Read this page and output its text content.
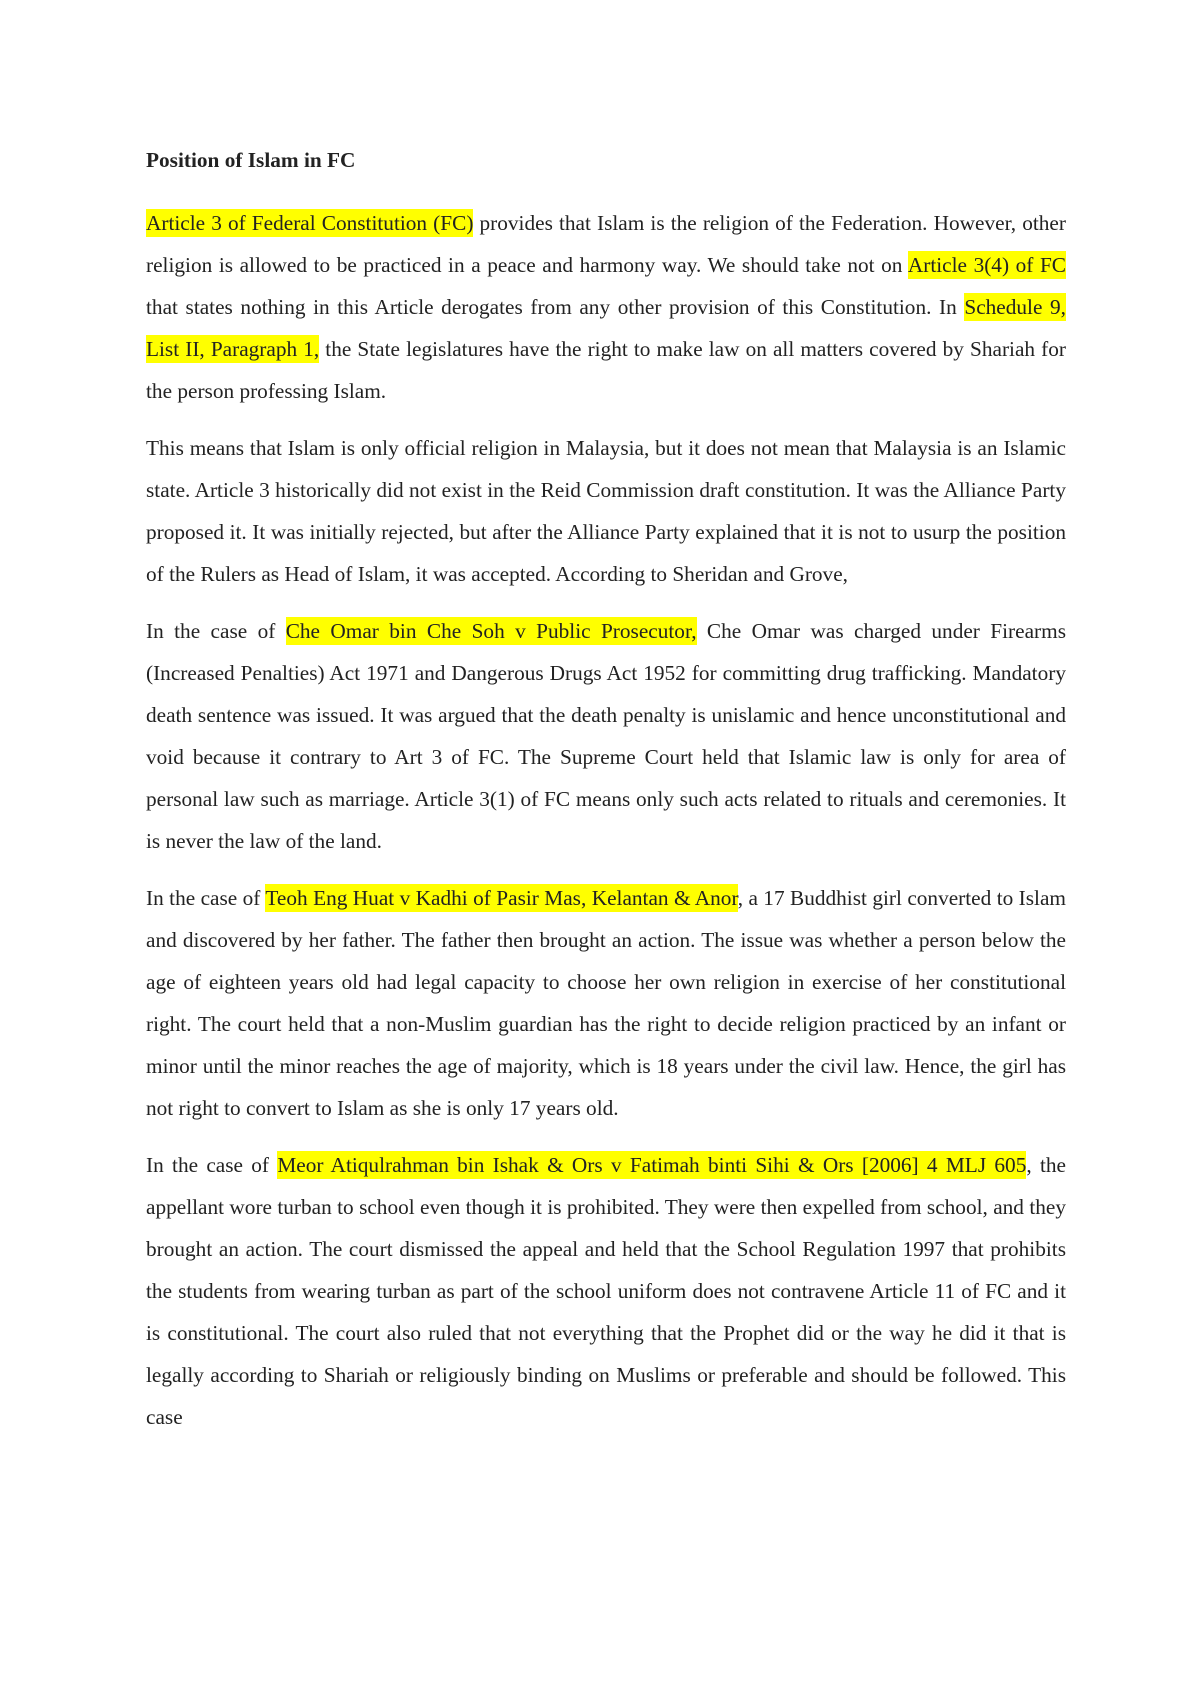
Position of Islam in FC

Article 3 of Federal Constitution (FC) provides that Islam is the religion of the Federation. However, other religion is allowed to be practiced in a peace and harmony way. We should take not on Article 3(4) of FC that states nothing in this Article derogates from any other provision of this Constitution. In Schedule 9, List II, Paragraph 1, the State legislatures have the right to make law on all matters covered by Shariah for the person professing Islam.

This means that Islam is only official religion in Malaysia, but it does not mean that Malaysia is an Islamic state. Article 3 historically did not exist in the Reid Commission draft constitution. It was the Alliance Party proposed it. It was initially rejected, but after the Alliance Party explained that it is not to usurp the position of the Rulers as Head of Islam, it was accepted. According to Sheridan and Grove,

In the case of Che Omar bin Che Soh v Public Prosecutor, Che Omar was charged under Firearms (Increased Penalties) Act 1971 and Dangerous Drugs Act 1952 for committing drug trafficking. Mandatory death sentence was issued. It was argued that the death penalty is unislamic and hence unconstitutional and void because it contrary to Art 3 of FC. The Supreme Court held that Islamic law is only for area of personal law such as marriage. Article 3(1) of FC means only such acts related to rituals and ceremonies. It is never the law of the land.

In the case of Teoh Eng Huat v Kadhi of Pasir Mas, Kelantan & Anor, a 17 Buddhist girl converted to Islam and discovered by her father. The father then brought an action. The issue was whether a person below the age of eighteen years old had legal capacity to choose her own religion in exercise of her constitutional right. The court held that a non-Muslim guardian has the right to decide religion practiced by an infant or minor until the minor reaches the age of majority, which is 18 years under the civil law. Hence, the girl has not right to convert to Islam as she is only 17 years old.

In the case of Meor Atiqulrahman bin Ishak & Ors v Fatimah binti Sihi & Ors [2006] 4 MLJ 605, the appellant wore turban to school even though it is prohibited. They were then expelled from school, and they brought an action. The court dismissed the appeal and held that the School Regulation 1997 that prohibits the students from wearing turban as part of the school uniform does not contravene Article 11 of FC and it is constitutional. The court also ruled that not everything that the Prophet did or the way he did it that is legally according to Shariah or religiously binding on Muslims or preferable and should be followed. This case
